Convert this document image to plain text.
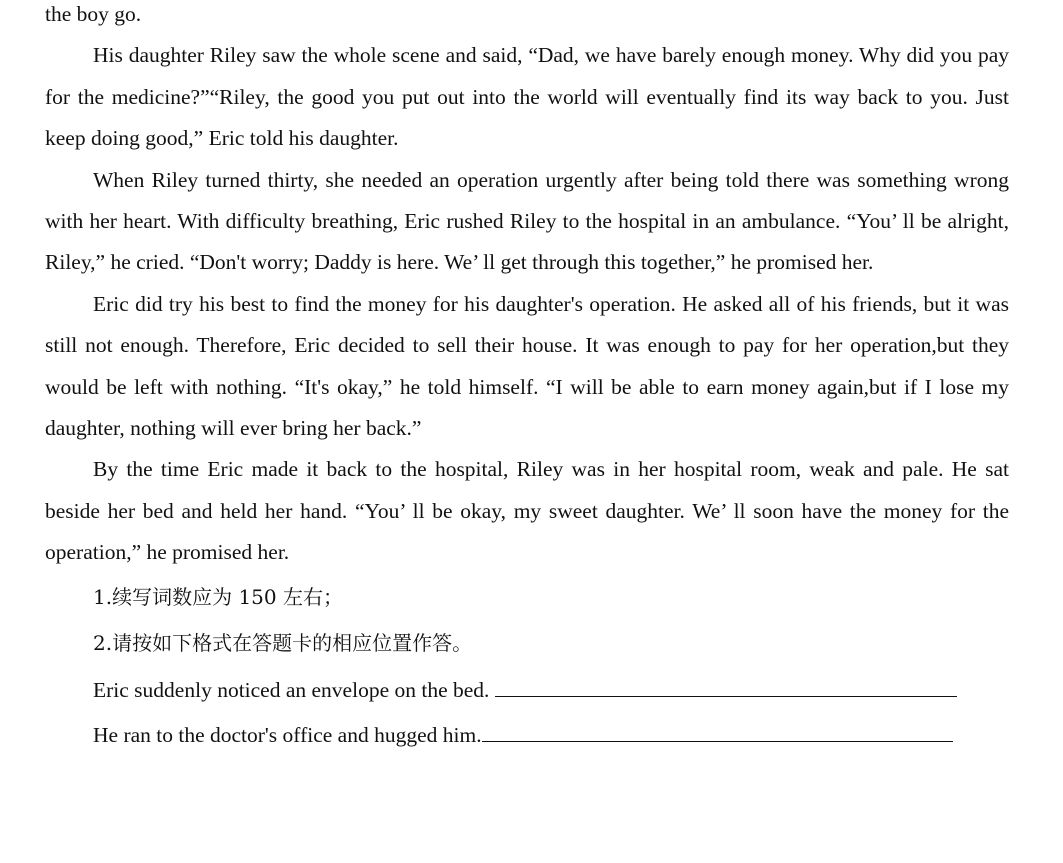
the boy go.

His daughter Riley saw the whole scene and said, “Dad, we have barely enough money. Why did you pay for the medicine?”“Riley, the good you put out into the world will eventually find its way back to you. Just keep doing good,” Eric told his daughter.

When Riley turned thirty, she needed an operation urgently after being told there was something wrong with her heart. With difficulty breathing, Eric rushed Riley to the hospital in an ambulance. “You’ ll be alright, Riley,” he cried. “Don't worry; Daddy is here. We’ ll get through this together,” he promised her.

Eric did try his best to find the money for his daughter's operation. He asked all of his friends, but it was still not enough. Therefore, Eric decided to sell their house. It was enough to pay for her operation,but they would be left with nothing. “It's okay,” he told himself. “I will be able to earn money again,but if I lose my daughter, nothing will ever bring her back.”

By the time Eric made it back to the hospital, Riley was in her hospital room, weak and pale. He sat beside her bed and held her hand. “You’ ll be okay, my sweet daughter. We’ ll soon have the money for the operation,” he promised her.

1.续写词数应为 150 左右；

2.请按如下格式在答题卡的相应位置作答。

Eric suddenly noticed an envelope on the bed.
He ran to the doctor's office and hugged him.
